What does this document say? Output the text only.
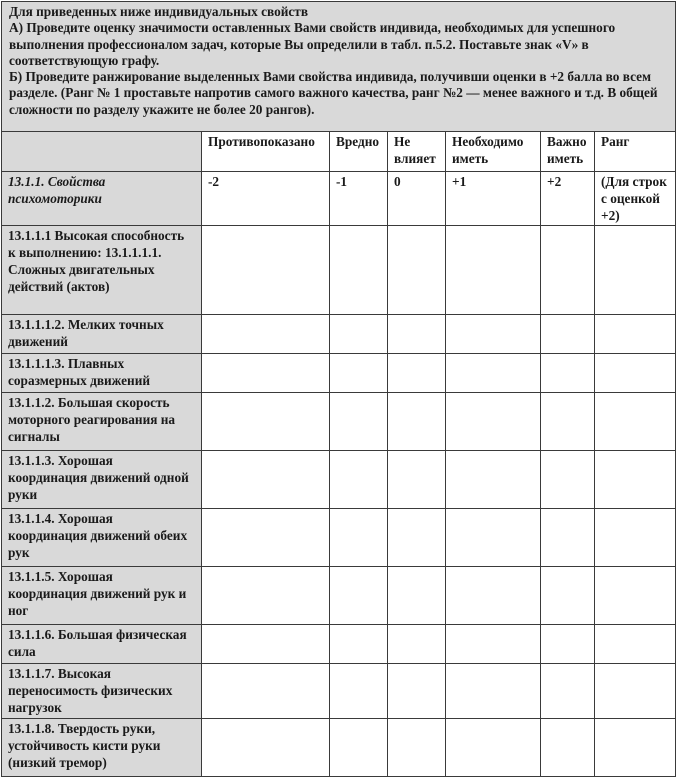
Для приведенных ниже индивидуальных свойств

А) Проведите оценку значимости оставленных Вами свойств индивида, необходимых для успешного выполнения профессионалом задач, которые Вы определили в табл. п.5.2. Поставьте знак «V» в соответствующую графу.

Б) Проведите ранжирование выделенных Вами свойства индивида, получивши оценки в +2 балла во всем разделе. (Ранг № 1 проставьте напротив самого важного качества, ранг №2 — менее важного и т.д. В общей сложности по разделу укажите не более 20 рангов).						

	Противопоказано	Вредно	Не влияет	Необходимо иметь	Важно иметь	Ранг
13.1.1. Свойства психомоторики	-2	-1	0	+1	+2	(Для строк с оценкой +2)
13.1.1.1 Высокая способность к выполнению: 13.1.1.1.1. Сложных двигательных действий (актов)						
13.1.1.1.2. Мелких точных движений						
13.1.1.1.3. Плавных соразмерных движений						
13.1.1.2. Большая скорость моторного реагирования на сигналы						
13.1.1.3. Хорошая координация движений одной руки						
13.1.1.4. Хорошая координация движений обеих рук						
13.1.1.5. Хорошая координация движений рук и ног						
13.1.1.6. Большая физическая сила						
13.1.1.7. Высокая переносимость физических нагрузок						
13.1.1.8. Твердость руки, устойчивость кисти руки (низкий тремор)						
